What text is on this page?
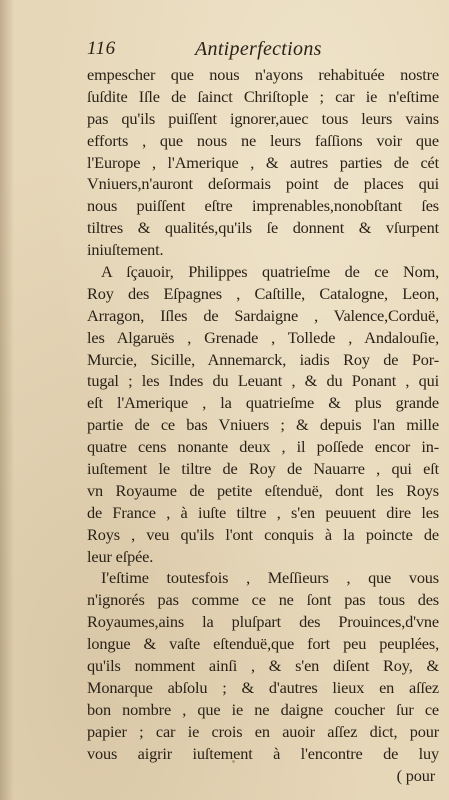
116	Antiperfections
empescher que nous n'ayons rehabituée nostre
ſuſdite Iſle de ſainct Chriſtople ; car ie n'eſtime
pas qu'ils puiſſent ignorer,auec tous leurs vains
efforts , que nous ne leurs faſſions voir que
l'Europe , l'Amerique , & autres parties de cét
Vniuers,n'auront deſormais point de places qui
nous puiſſent eſtre imprenables,nonobſtant ſes
tiltres & qualités,qu'ils ſe donnent & vſurpent
iniuſtement.
A ſçauoir, Philippes quatrieſme de ce Nom,
Roy des Eſpagnes , Caſtille, Catalogne, Leon,
Arragon, Iſles de Sardaigne , Valence,Corduë,
les Algaruës , Grenade , Tollede , Andalouſie,
Murcie, Sicille, Annemarck, iadis Roy de Por-
tugal ; les Indes du Leuant , & du Ponant , qui
eſt l'Amerique , la quatrieſme & plus grande
partie de ce bas Vniuers ; & depuis l'an mille
quatre cens nonante deux , il poſſede encor in-
iuſtement le tiltre de Roy de Nauarre , qui eſt
vn Royaume de petite eſtenduë, dont les Roys
de France , à iuſte tiltre , s'en peuuent dire les
Roys , veu qu'ils l'ont conquis à la poincte de
leur eſpée.
I'eſtime toutesfois , Meſſieurs , que vous
n'ignorés pas comme ce ne ſont pas tous des
Royaumes,ains la pluſpart des Prouinces,d'vne
longue & vaſte eſtenduë,que fort peu peuplées,
qu'ils nomment ainſi , & s'en diſent Roy, &
Monarque abſolu ; & d'autres lieux en aſſez
bon nombre , que ie ne daigne coucher ſur ce
papier ; car ie crois en auoir aſſez dict, pour
vous aigrir iuſtement à l'encontre de luy
( pour
